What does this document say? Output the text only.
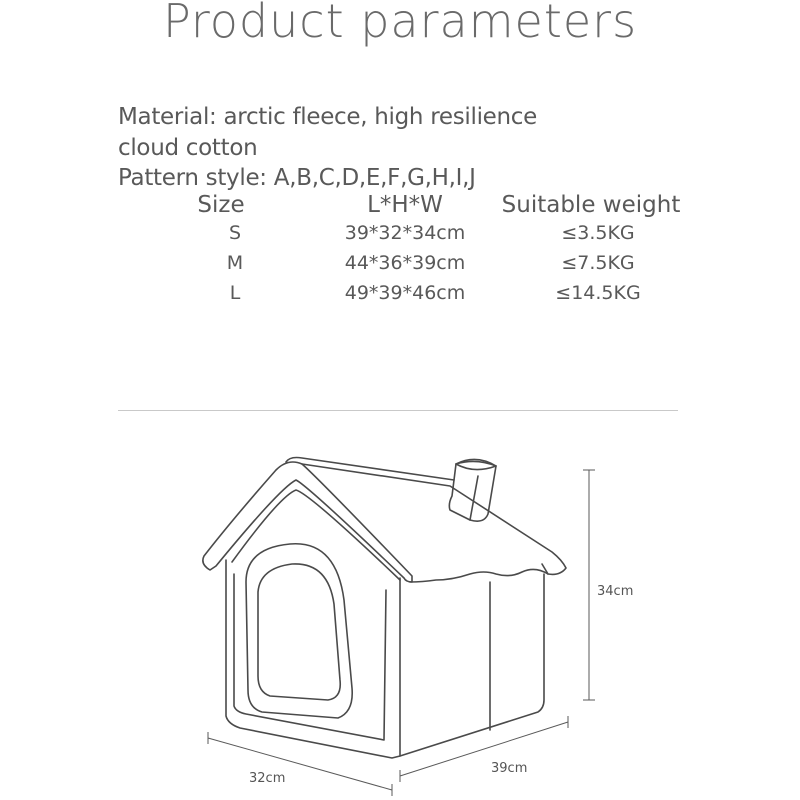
Product parameters
Material: arctic fleece, high resilience
cloud cotton
Pattern style: A,B,C,D,E,F,G,H,I,J
Size	L*H*W	Suitable weight
S	39*32*34cm	≤3.5KG
M	44*36*39cm	≤7.5KG
L	49*39*46cm	≤14.5KG
34cm
32cm
39cm
